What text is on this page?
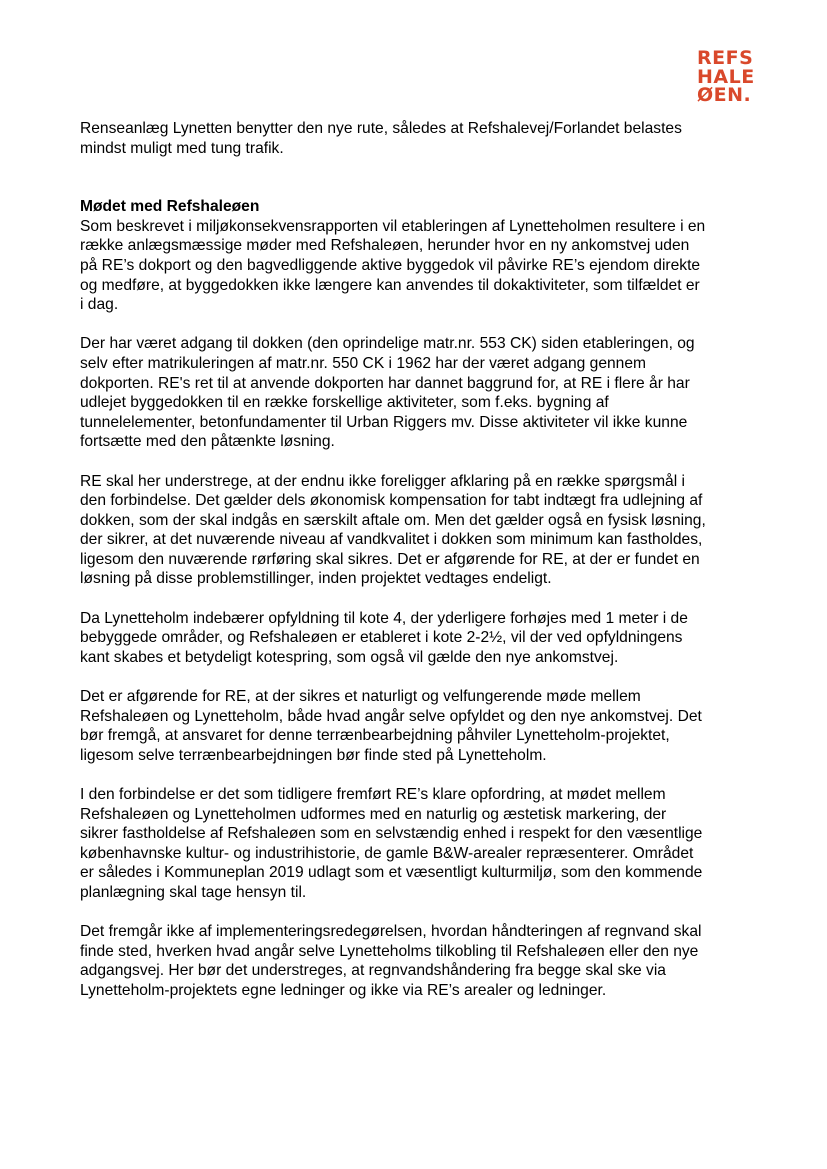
REFS
HALE
ØEN.

Renseanlæg Lynetten benytter den nye rute, således at Refshalevej/Forlandet belastes
mindst muligt med tung trafik.

Mødet med Refshaleøen

Som beskrevet i miljøkonsekvensrapporten vil etableringen af Lynetteholmen resultere i en
række anlægsmæssige møder med Refshaleøen, herunder hvor en ny ankomstvej uden
på RE’s dokport og den bagvedliggende aktive byggedok vil påvirke RE’s ejendom direkte
og medføre, at byggedokken ikke længere kan anvendes til dokaktiviteter, som tilfældet er
i dag.

Der har været adgang til dokken (den oprindelige matr.nr. 553 CK) siden etableringen, og
selv efter matrikuleringen af matr.nr. 550 CK i 1962 har der været adgang gennem
dokporten. RE's ret til at anvende dokporten har dannet baggrund for, at RE i flere år har
udlejet byggedokken til en række forskellige aktiviteter, som f.eks. bygning af
tunnelelementer, betonfundamenter til Urban Riggers mv. Disse aktiviteter vil ikke kunne
fortsætte med den påtænkte løsning.

RE skal her understrege, at der endnu ikke foreligger afklaring på en række spørgsmål i
den forbindelse. Det gælder dels økonomisk kompensation for tabt indtægt fra udlejning af
dokken, som der skal indgås en særskilt aftale om. Men det gælder også en fysisk løsning,
der sikrer, at det nuværende niveau af vandkvalitet i dokken som minimum kan fastholdes,
ligesom den nuværende rørføring skal sikres. Det er afgørende for RE, at der er fundet en
løsning på disse problemstillinger, inden projektet vedtages endeligt.

Da Lynetteholm indebærer opfyldning til kote 4, der yderligere forhøjes med 1 meter i de
bebyggede områder, og Refshaleøen er etableret i kote 2-2½, vil der ved opfyldningens
kant skabes et betydeligt kotespring, som også vil gælde den nye ankomstvej.

Det er afgørende for RE, at der sikres et naturligt og velfungerende møde mellem
Refshaleøen og Lynetteholm, både hvad angår selve opfyldet og den nye ankomstvej. Det
bør fremgå, at ansvaret for denne terrænbearbejdning påhviler Lynetteholm-projektet,
ligesom selve terrænbearbejdningen bør finde sted på Lynetteholm.

I den forbindelse er det som tidligere fremført RE’s klare opfordring, at mødet mellem
Refshaleøen og Lynetteholmen udformes med en naturlig og æstetisk markering, der
sikrer fastholdelse af Refshaleøen som en selvstændig enhed i respekt for den væsentlige
københavnske kultur- og industrihistorie, de gamle B&W-arealer repræsenterer. Området
er således i Kommuneplan 2019 udlagt som et væsentligt kulturmiljø, som den kommende
planlægning skal tage hensyn til.

Det fremgår ikke af implementeringsredegørelsen, hvordan håndteringen af regnvand skal
finde sted, hverken hvad angår selve Lynetteholms tilkobling til Refshaleøen eller den nye
adgangsvej. Her bør det understreges, at regnvandshåndering fra begge skal ske via
Lynetteholm-projektets egne ledninger og ikke via RE’s arealer og ledninger.
